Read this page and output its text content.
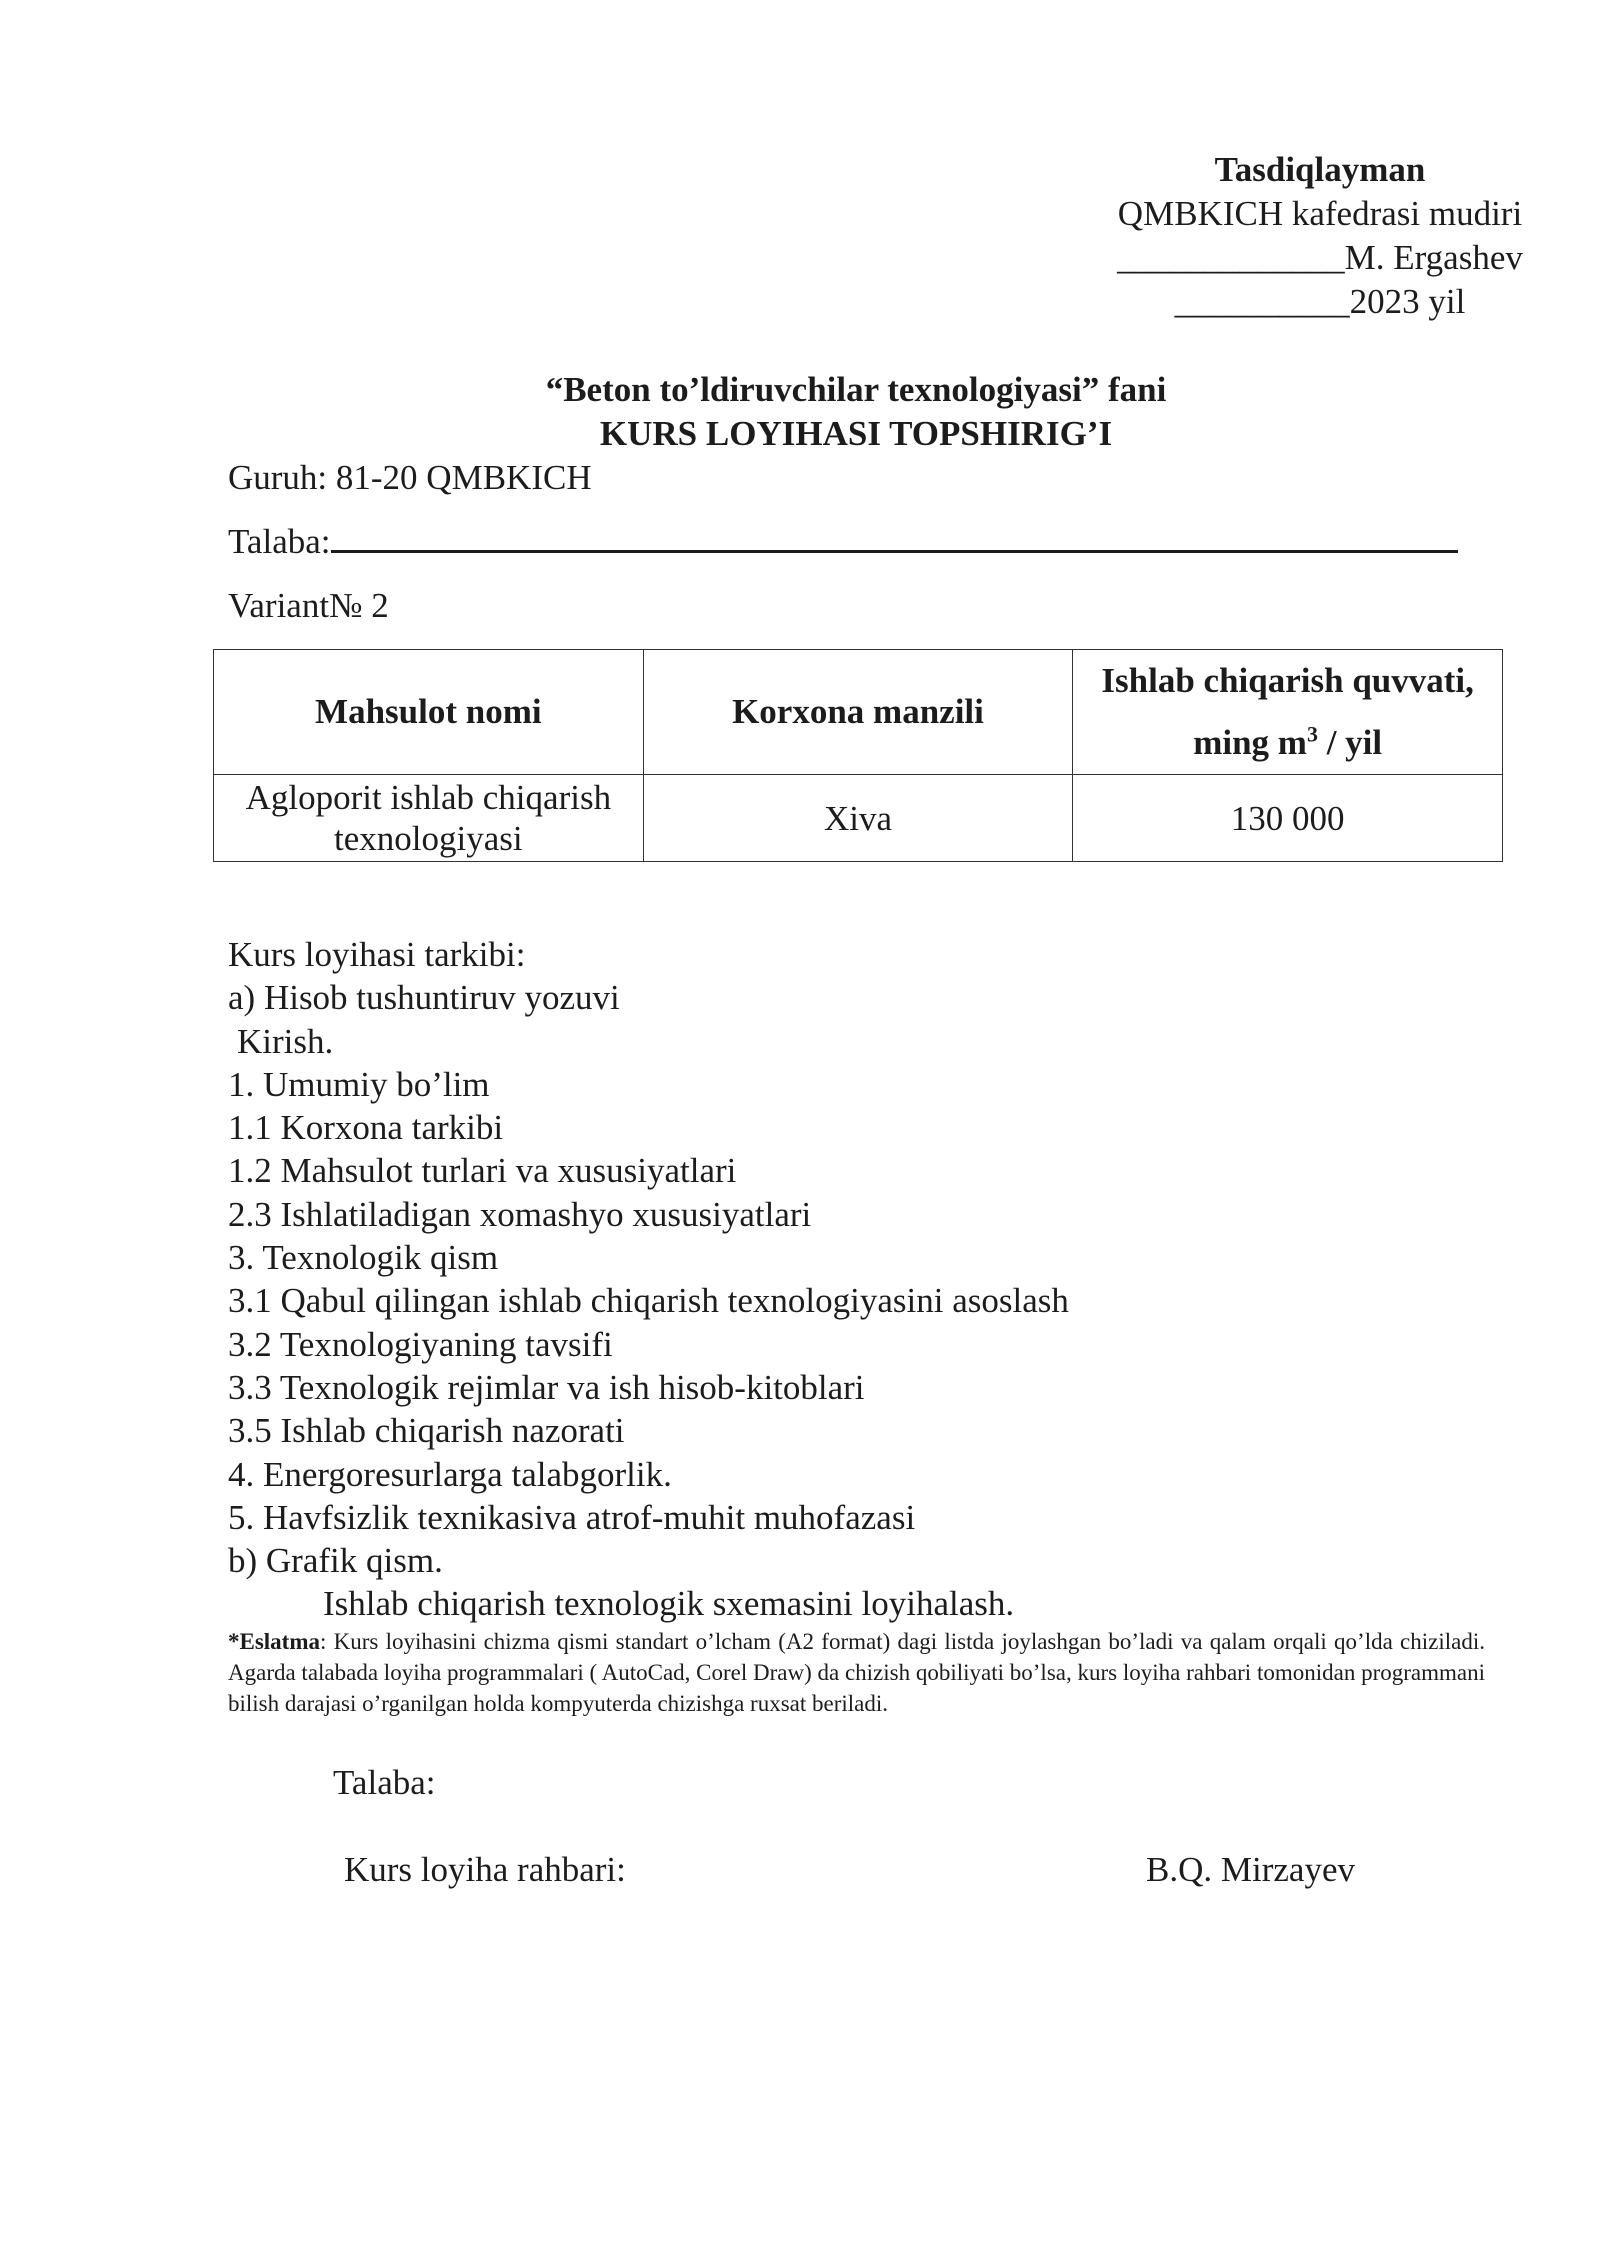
Tasdiqlayman
QMBKICH kafedrasi mudiri
_____________M. Ergashev
__________2023 yil
“Beton to’ldiruvchilar texnologiyasi” fani
KURS LOYIHASI TOPSHIRIG’I
Guruh: 81-20 QMBKICH
Talaba:
Variant№ 2
Mahsulot nomi	Korxona manzili	Ishlab chiqarish quvvati, ming $m^3$ / yil

Agloporit ishlab chiqarish
texnologiyasi	Xiva	130 000
Kurs loyihasi tarkibi:
a) Hisob tushuntiruv yozuvi
Kirish.
1. Umumiy bo’lim
1.1 Korxona tarkibi
1.2 Mahsulot turlari va xususiyatlari
2.3 Ishlatiladigan xomashyo xususiyatlari
3. Texnologik qism
3.1 Qabul qilingan ishlab chiqarish texnologiyasini asoslash
3.2 Texnologiyaning tavsifi
3.3 Texnologik rejimlar va ish hisob-kitoblari
3.5 Ishlab chiqarish nazorati
4. Energoresurlarga talabgorlik.
5. Havfsizlik texnikasiva atrof-muhit muhofazasi
b) Grafik qism.
Ishlab chiqarish texnologik sxemasini loyihalash.
*Eslatma: Kurs loyihasini chizma qismi standart o’lcham (A2 format) dagi listda joylashgan bo’ladi va qalam orqali qo’lda chiziladi. Agarda talabada loyiha programmalari ( AutoCad, Corel Draw) da chizish qobiliyati bo’lsa, kurs loyiha rahbari tomonidan programmani bilish darajasi o’rganilgan holda kompyuterda chizishga ruxsat beriladi.
Talaba:
Kurs loyiha rahbari:	B.Q. Mirzayev
